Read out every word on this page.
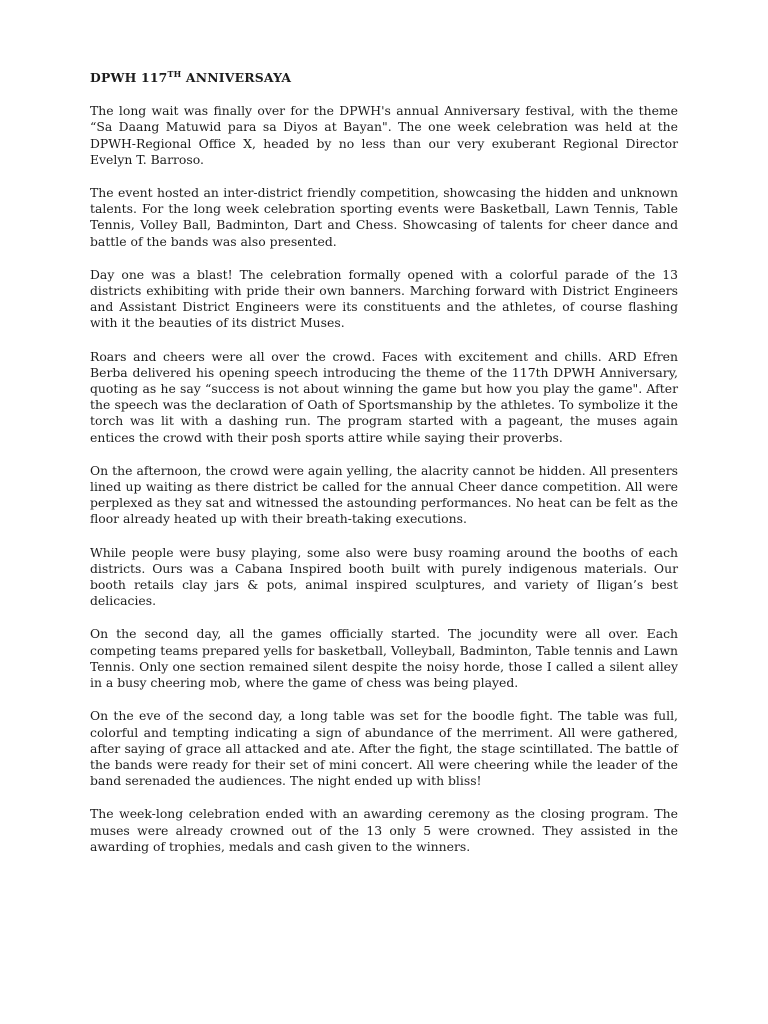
DPWH 117TH ANNIVERSAYA

The long wait was finally over for the DPWH's annual Anniversary festival, with the theme “Sa Daang Matuwid para sa Diyos at Bayan". The one week celebration was held at the DPWH-Regional Office X, headed by no less than our very exuberant Regional Director Evelyn T. Barroso.

The event hosted an inter-district friendly competition, showcasing the hidden and unknown talents. For the long week celebration sporting events were Basketball, Lawn Tennis, Table Tennis, Volley Ball, Badminton, Dart and Chess. Showcasing of talents for cheer dance and battle of the bands was also presented.

Day one was a blast! The celebration formally opened with a colorful parade of the 13 districts exhibiting with pride their own banners. Marching forward with District Engineers and Assistant District Engineers were its constituents and the athletes, of course flashing with it the beauties of its district Muses.

Roars and cheers were all over the crowd. Faces with excitement and chills. ARD Efren Berba delivered his opening speech introducing the theme of the 117th DPWH Anniversary, quoting as he say “success is not about winning the game but how you play the game". After the speech was the declaration of Oath of Sportsmanship by the athletes. To symbolize it the torch was lit with a dashing run. The program started with a pageant, the muses again entices the crowd with their posh sports attire while saying their proverbs.

On the afternoon, the crowd were again yelling, the alacrity cannot be hidden. All presenters lined up waiting as there district be called for the annual Cheer dance competition. All were perplexed as they sat and witnessed the astounding performances. No heat can be felt as the floor already heated up with their breath-taking executions.

While people were busy playing, some also were busy roaming around the booths of each districts. Ours was a Cabana Inspired booth built with purely indigenous materials. Our booth retails clay jars & pots, animal inspired sculptures, and variety of Iligan’s best delicacies.

On the second day, all the games officially started. The jocundity were all over. Each competing teams prepared yells for basketball, Volleyball, Badminton, Table tennis and Lawn Tennis. Only one section remained silent despite the noisy horde, those I called a silent alley in a busy cheering mob, where the game of chess was being played.

On the eve of the second day, a long table was set for the boodle fight. The table was full, colorful and tempting indicating a sign of abundance of the merriment. All were gathered, after saying of grace all attacked and ate. After the fight, the stage scintillated. The battle of the bands were ready for their set of mini concert. All were cheering while the leader of the band serenaded the audiences. The night ended up with bliss!

The week-long celebration ended with an awarding ceremony as the closing program. The muses were already crowned out of the 13 only 5 were crowned. They assisted in the awarding of trophies, medals and cash given to the winners.
